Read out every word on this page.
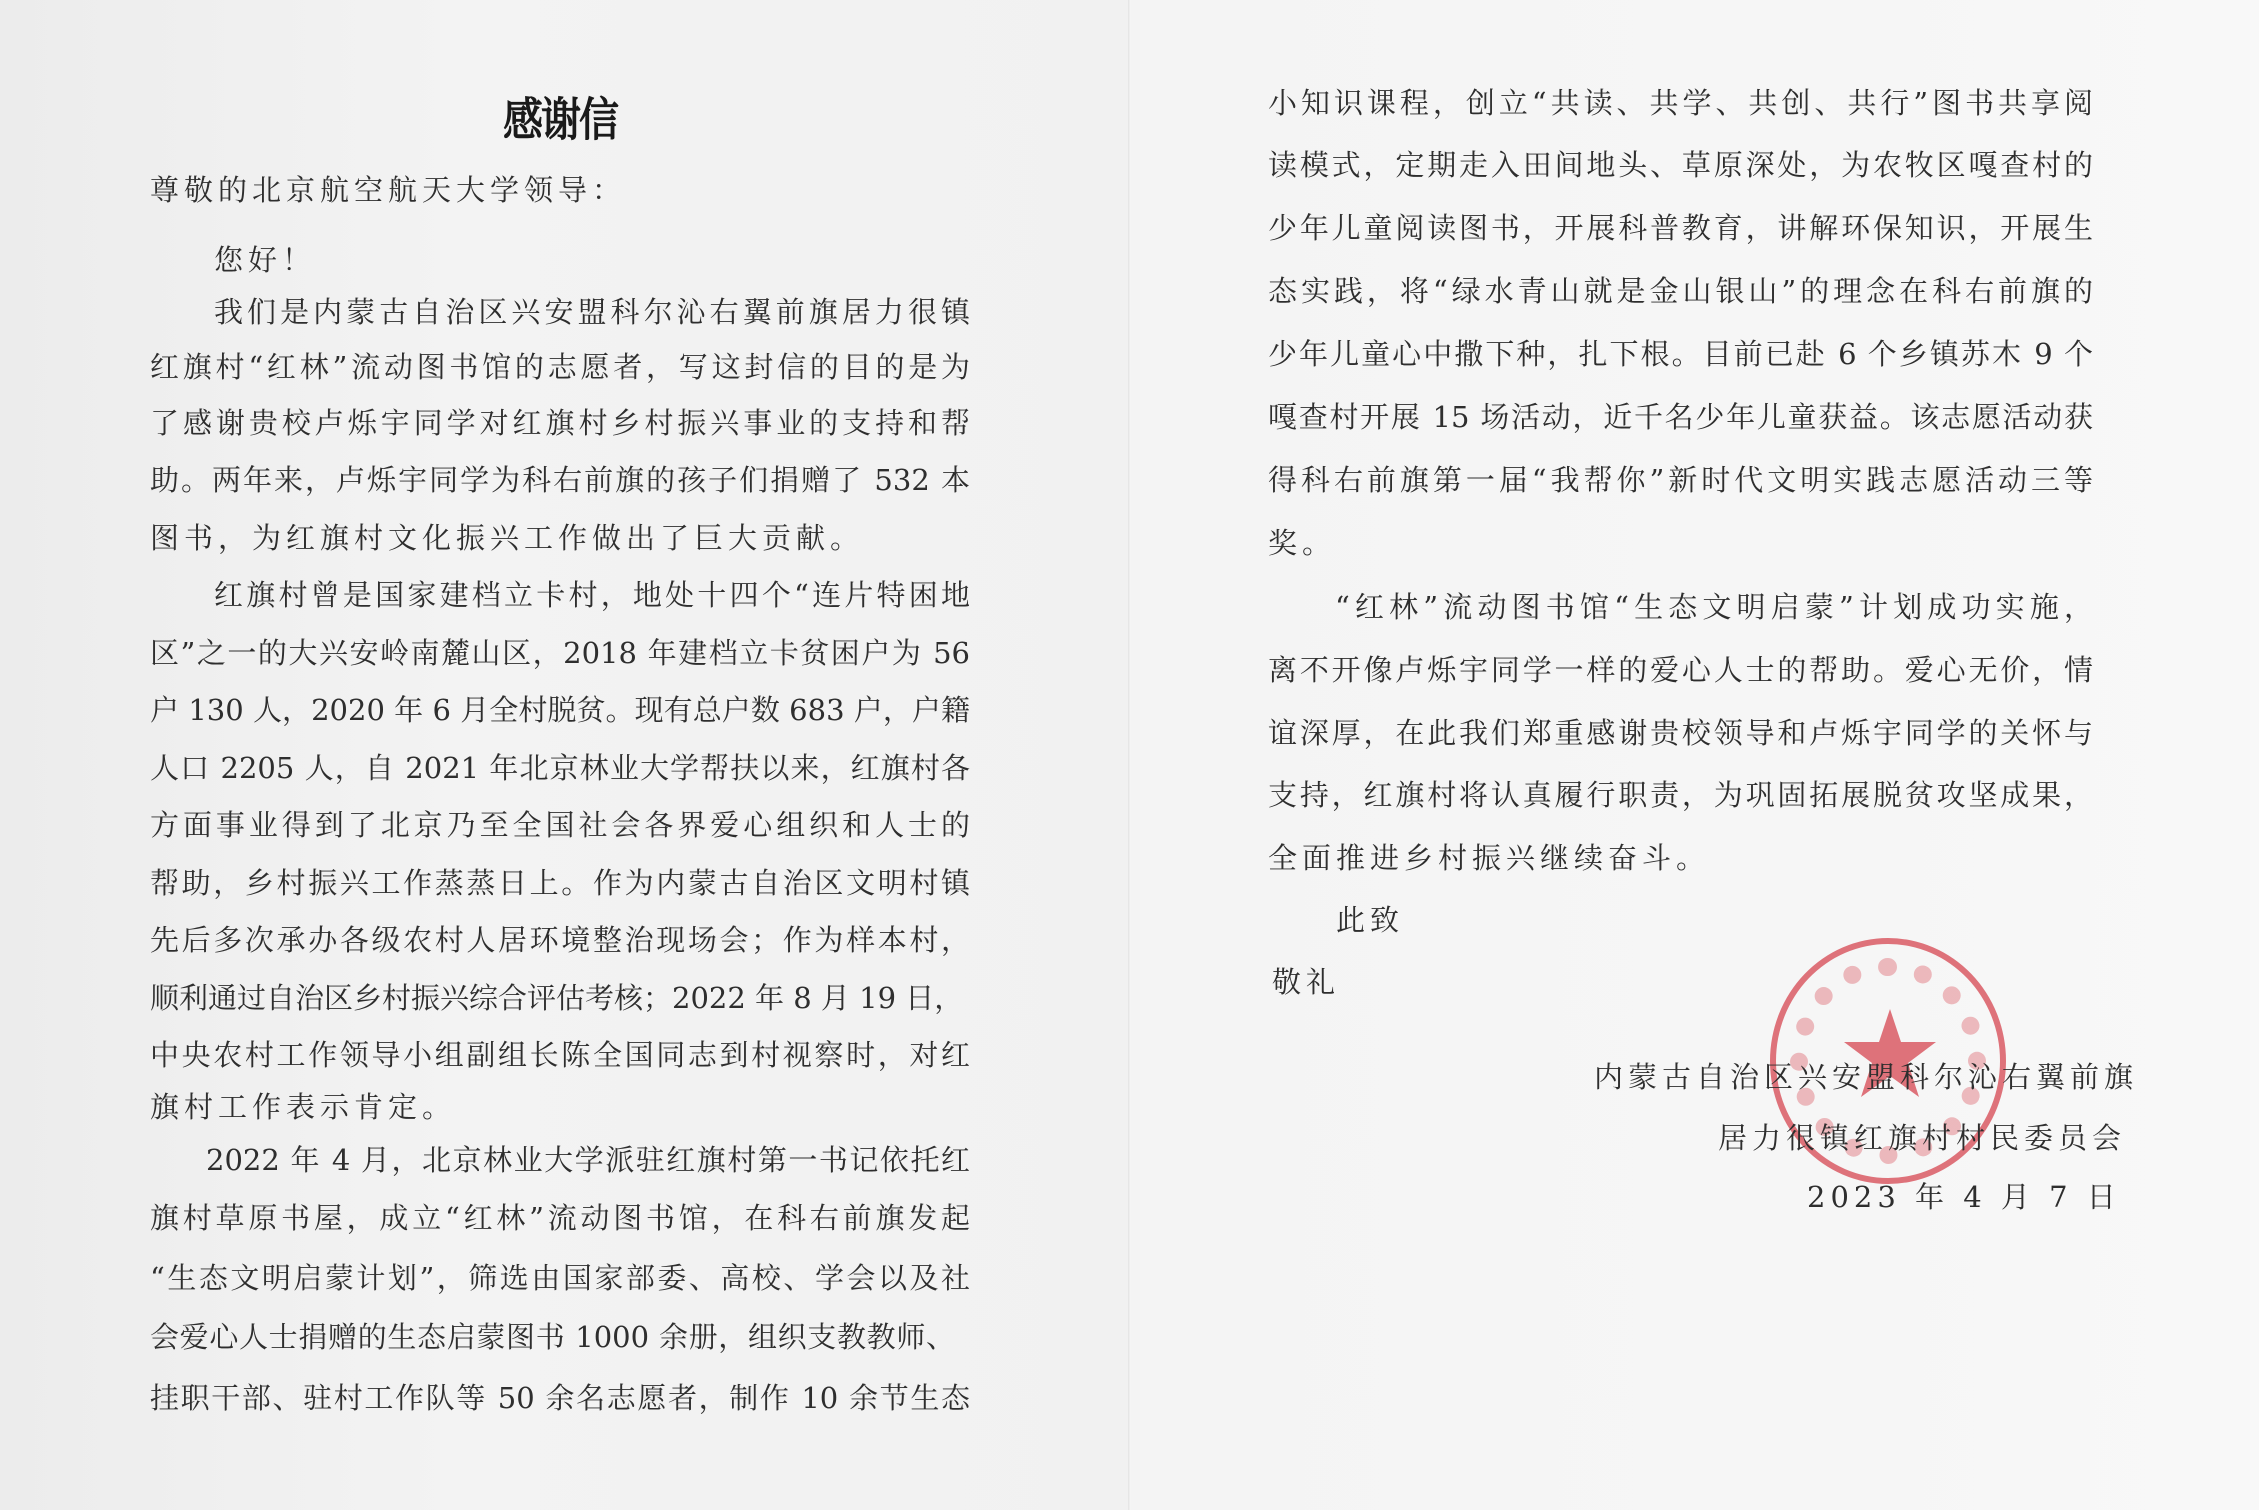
感谢信
尊敬的北京航空航天大学领导：
您好！
我们是内蒙古自治区兴安盟科尔沁右翼前旗居力很镇
红旗村“红林”流动图书馆的志愿者，写这封信的目的是为
了感谢贵校卢烁宇同学对红旗村乡村振兴事业的支持和帮
助。两年来，卢烁宇同学为科右前旗的孩子们捐赠了 532 本
图书，为红旗村文化振兴工作做出了巨大贡献。
红旗村曾是国家建档立卡村，地处十四个“连片特困地
区”之一的大兴安岭南麓山区，2018 年建档立卡贫困户为 56
户 130 人，2020 年 6 月全村脱贫。现有总户数 683 户，户籍
人口 2205 人，自 2021 年北京林业大学帮扶以来，红旗村各
方面事业得到了北京乃至全国社会各界爱心组织和人士的
帮助，乡村振兴工作蒸蒸日上。作为内蒙古自治区文明村镇
先后多次承办各级农村人居环境整治现场会；作为样本村，
顺利通过自治区乡村振兴综合评估考核；2022 年 8 月 19 日，
中央农村工作领导小组副组长陈全国同志到村视察时，对红
旗村工作表示肯定。
2022 年 4 月，北京林业大学派驻红旗村第一书记依托红
旗村草原书屋，成立“红林”流动图书馆，在科右前旗发起
“生态文明启蒙计划”，筛选由国家部委、高校、学会以及社
会爱心人士捐赠的生态启蒙图书 1000 余册，组织支教教师、
挂职干部、驻村工作队等 50 余名志愿者，制作 10 余节生态
小知识课程，创立“共读、共学、共创、共行”图书共享阅
读模式，定期走入田间地头、草原深处，为农牧区嘎查村的
少年儿童阅读图书，开展科普教育，讲解环保知识，开展生
态实践，将“绿水青山就是金山银山”的理念在科右前旗的
少年儿童心中撒下种，扎下根。目前已赴 6 个乡镇苏木 9 个
嘎查村开展 15 场活动，近千名少年儿童获益。该志愿活动获
得科右前旗第一届“我帮你”新时代文明实践志愿活动三等
奖。
“红林”流动图书馆“生态文明启蒙”计划成功实施，
离不开像卢烁宇同学一样的爱心人士的帮助。爱心无价，情
谊深厚，在此我们郑重感谢贵校领导和卢烁宇同学的关怀与
支持，红旗村将认真履行职责，为巩固拓展脱贫攻坚成果，
全面推进乡村振兴继续奋斗。
此致
敬礼
内蒙古自治区兴安盟科尔沁右翼前旗
居力很镇红旗村村民委员会
2023 年 4 月 7 日
